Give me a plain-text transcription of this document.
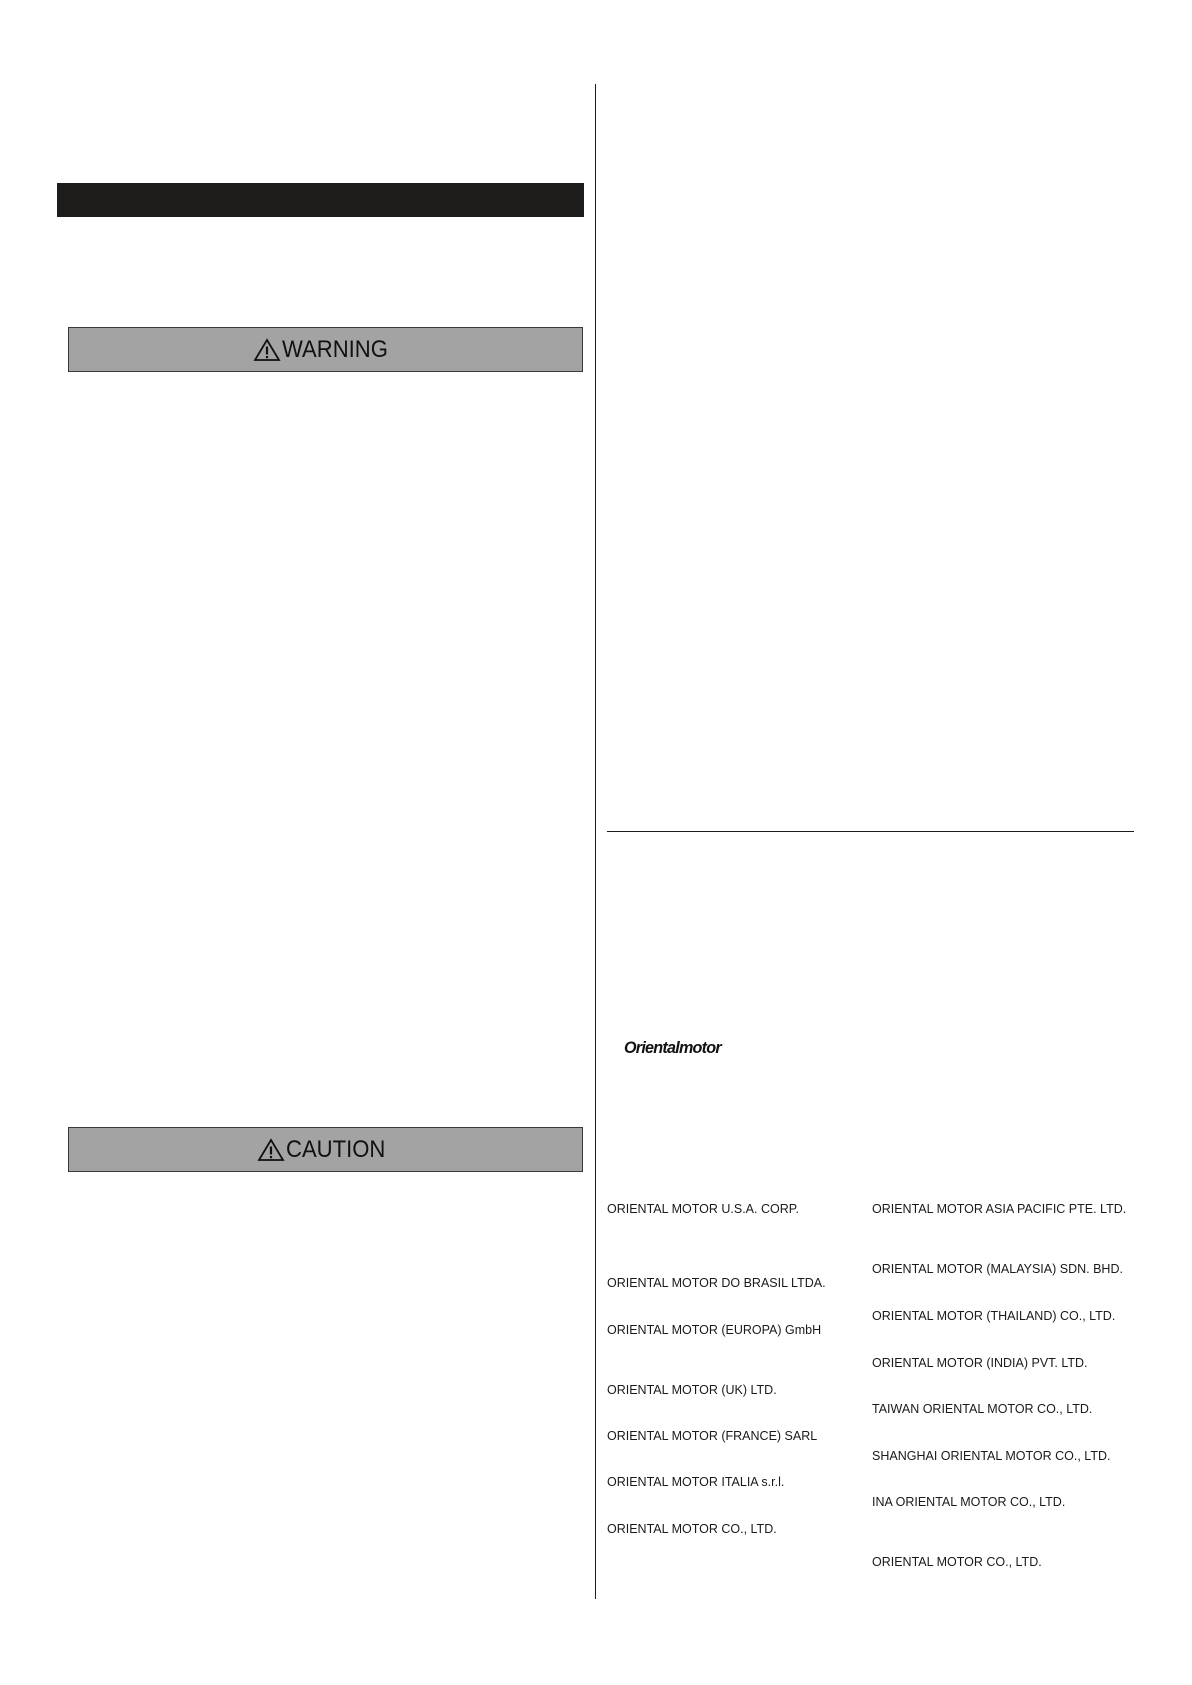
WARNING
CAUTION
Orientalmotor
ORIENTAL MOTOR U.S.A. CORP.
ORIENTAL MOTOR DO BRASIL LTDA.
ORIENTAL MOTOR (EUROPA) GmbH
ORIENTAL MOTOR (UK) LTD.
ORIENTAL MOTOR (FRANCE) SARL
ORIENTAL MOTOR ITALIA s.r.l.
ORIENTAL MOTOR CO., LTD.
ORIENTAL MOTOR ASIA PACIFIC PTE. LTD.
ORIENTAL MOTOR (MALAYSIA) SDN. BHD.
ORIENTAL MOTOR (THAILAND) CO., LTD.
ORIENTAL MOTOR (INDIA) PVT. LTD.
TAIWAN ORIENTAL MOTOR CO., LTD.
SHANGHAI ORIENTAL MOTOR CO., LTD.
INA ORIENTAL MOTOR CO., LTD.
ORIENTAL MOTOR CO., LTD.
